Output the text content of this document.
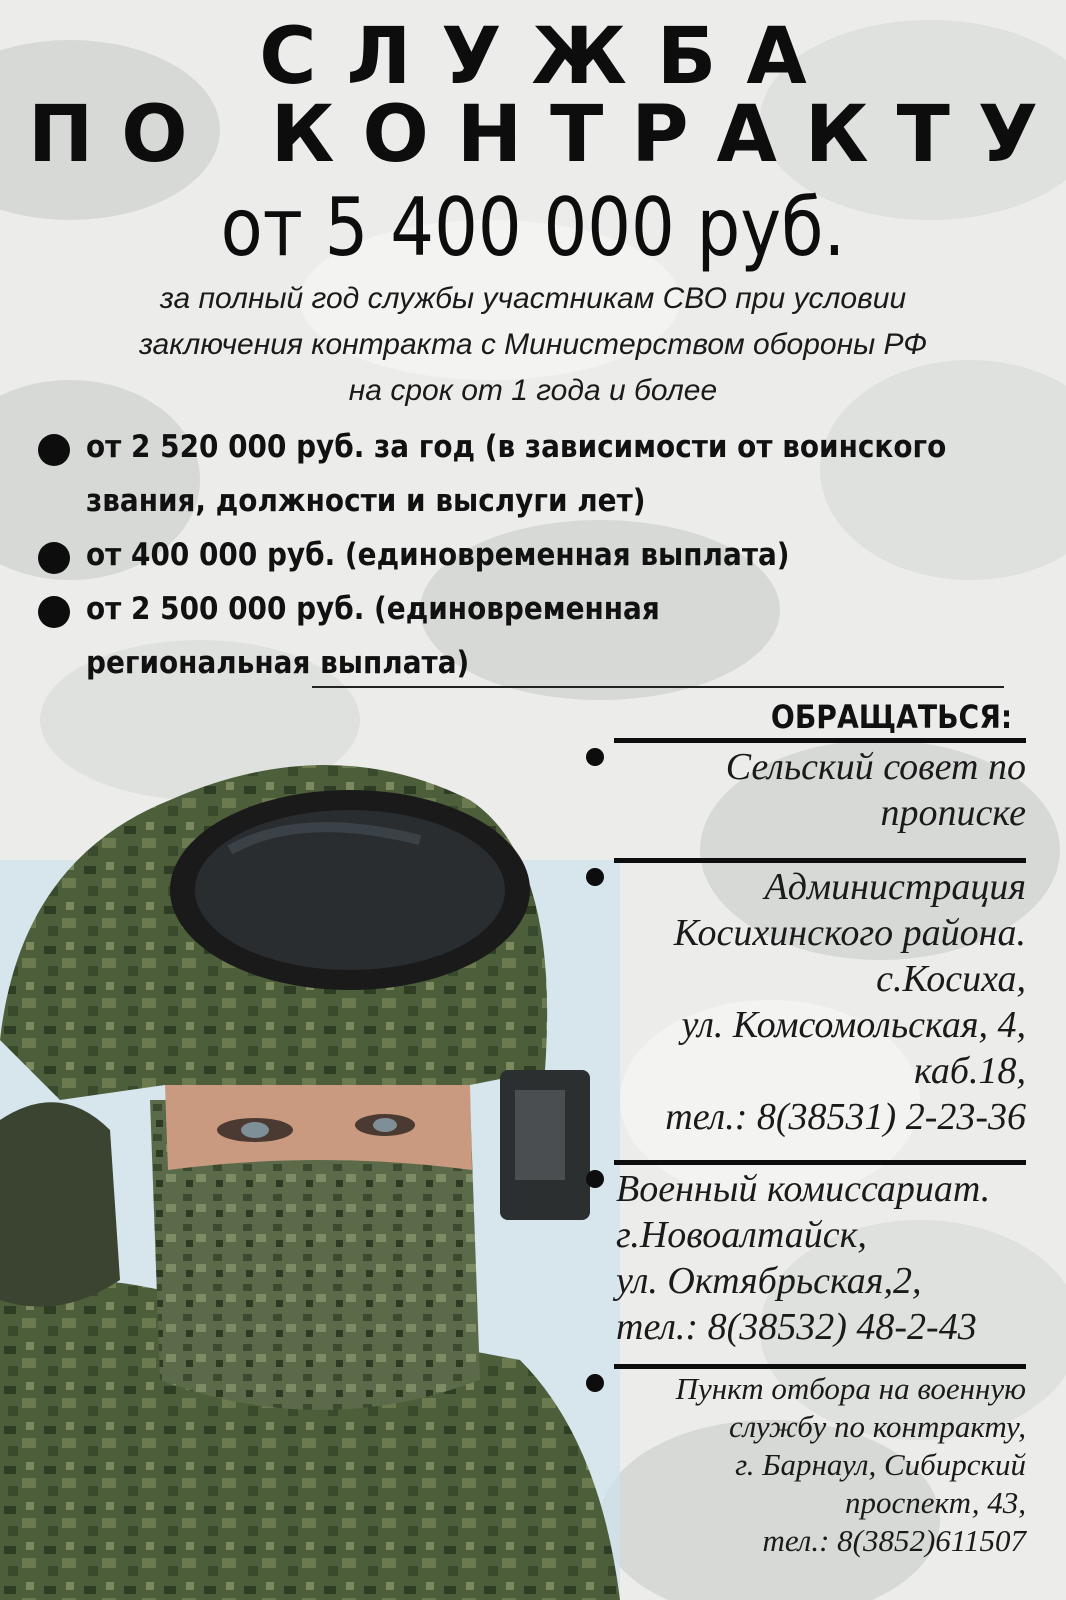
СЛУЖБА
ПО КОНТРАКТУ
от 5 400 000 руб.
за полный год службы участникам СВО при условии
заключения контракта с Министерством обороны РФ
на срок от 1 года и более
от 2 520 000 руб. за год (в зависимости от воинского
звания, должности и выслуги лет)
от 400 000 руб. (единовременная выплата)
от 2 500 000 руб. (единовременная
региональная выплата)
ОБРАЩАТЬСЯ:
Сельский совет по
прописке
Администрация
Косихинского района.
с.Косиха,
ул. Комсомольская, 4,
каб.18,
тел.: 8(38531) 2-23-36
Военный комиссариат.
г.Новоалтайск,
ул. Октябрьская,2,
тел.: 8(38532) 48-2-43
Пункт отбора на военную
службу по контракту,
г. Барнаул, Сибирский
проспект, 43,
тел.: 8(3852)611507
